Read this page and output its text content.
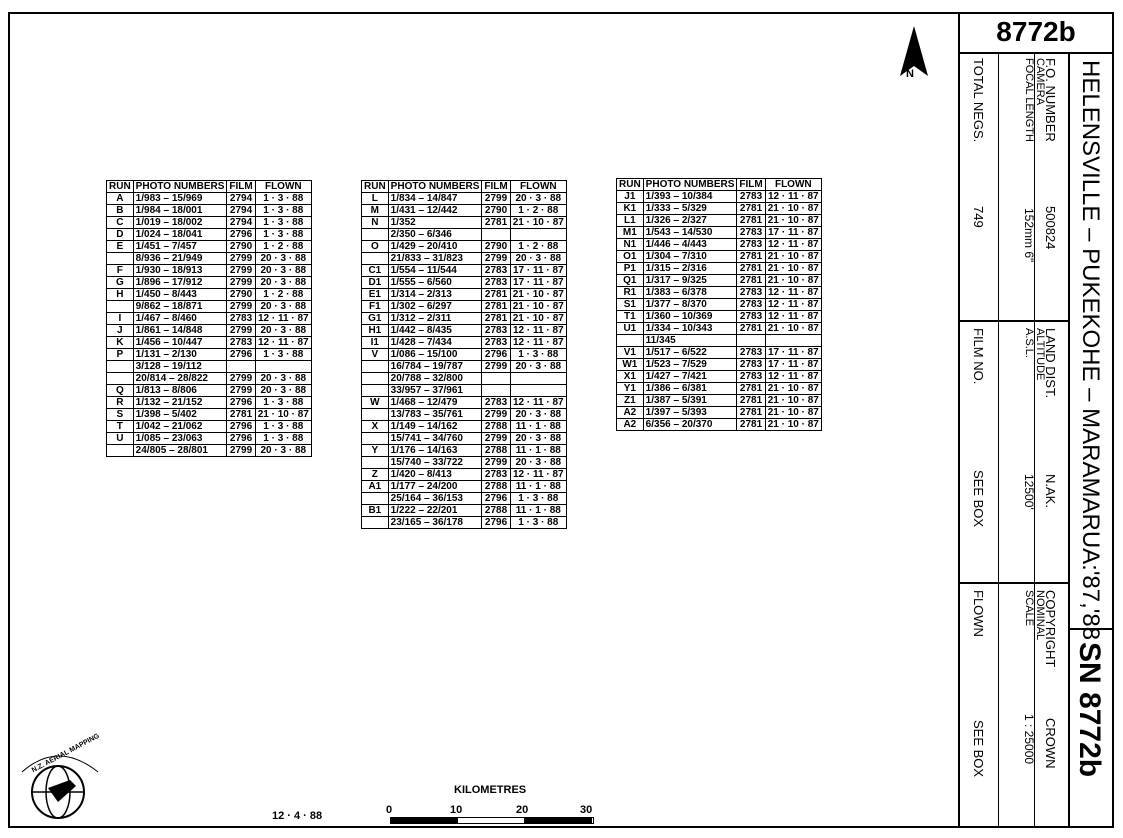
8772b
HELENSVILLE – PUKEKOHE – MARAMARUA:'87,'88
SN 8772b
F.O. NUMBER
500824
CAMERA
FOCAL LENGTH
152mm 6"
TOTAL NEGS.
749
LAND DIST.
N.AK.
ALTITUDE
A.S.L.
12500'
FILM NO.
SEE BOX
COPYRIGHT
CROWN
NOMINAL
SCALE
1 : 25000
FLOWN
SEE BOX
N
RUN	PHOTO NUMBERS	FILM	FLOWN
A	1/983 – 15/969	2794	1 · 3 · 88
B	1/984 – 18/001	2794	1 · 3 · 88
C	1/019 – 18/002	2794	1 · 3 · 88
D	1/024 – 18/041	2796	1 · 3 · 88
E	1/451 – 7/457	2790	1 · 2 · 88
	8/936 – 21/949	2799	20 · 3 · 88
F	1/930 – 18/913	2799	20 · 3 · 88
G	1/896 – 17/912	2799	20 · 3 · 88
H	1/450 – 8/443	2790	1 · 2 · 88
	9/862 – 18/871	2799	20 · 3 · 88
I	1/467 – 8/460	2783	12 · 11 · 87
J	1/861 – 14/848	2799	20 · 3 · 88
K	1/456 – 10/447	2783	12 · 11 · 87
P	1/131 – 2/130	2796	1 · 3 · 88
	3/128 – 19/112		
	20/814 – 28/822	2799	20 · 3 · 88
Q	1/813 – 8/806	2799	20 · 3 · 88
R	1/132 – 21/152	2796	1 · 3 · 88
S	1/398 – 5/402	2781	21 · 10 · 87
T	1/042 – 21/062	2796	1 · 3 · 88
U	1/085 – 23/063	2796	1 · 3 · 88
	24/805 – 28/801	2799	20 · 3 · 88
RUN	PHOTO NUMBERS	FILM	FLOWN
L	1/834 – 14/847	2799	20 · 3 · 88
M	1/431 – 12/442	2790	1 · 2 · 88
N	1/352	2781	21 · 10 · 87
	2/350 – 6/346		
O	1/429 – 20/410	2790	1 · 2 · 88
	21/833 – 31/823	2799	20 · 3 · 88
C1	1/554 – 11/544	2783	17 · 11 · 87
D1	1/555 – 6/560	2783	17 · 11 · 87
E1	1/314 – 2/313	2781	21 · 10 · 87
F1	1/302 – 6/297	2781	21 · 10 · 87
G1	1/312 – 2/311	2781	21 · 10 · 87
H1	1/442 – 8/435	2783	12 · 11 · 87
I1	1/428 – 7/434	2783	12 · 11 · 87
V	1/086 – 15/100	2796	1 · 3 · 88
	16/784 – 19/787	2799	20 · 3 · 88
	20/788 – 32/800		
	33/957 – 37/961		
W	1/468 – 12/479	2783	12 · 11 · 87
	13/783 – 35/761	2799	20 · 3 · 88
X	1/149 – 14/162	2788	11 · 1 · 88
	15/741 – 34/760	2799	20 · 3 · 88
Y	1/176 – 14/163	2788	11 · 1 · 88
	15/740 – 33/722	2799	20 · 3 · 88
Z	1/420 – 8/413	2783	12 · 11 · 87
A1	1/177 – 24/200	2788	11 · 1 · 88
	25/164 – 36/153	2796	1 · 3 · 88
B1	1/222 – 22/201	2788	11 · 1 · 88
	23/165 – 36/178	2796	1 · 3 · 88
RUN	PHOTO NUMBERS	FILM	FLOWN
J1	1/393 – 10/384	2783	12 · 11 · 87
K1	1/333 – 5/329	2781	21 · 10 · 87
L1	1/326 – 2/327	2781	21 · 10 · 87
M1	1/543 – 14/530	2783	17 · 11 · 87
N1	1/446 – 4/443	2783	12 · 11 · 87
O1	1/304 – 7/310	2781	21 · 10 · 87
P1	1/315 – 2/316	2781	21 · 10 · 87
Q1	1/317 – 9/325	2781	21 · 10 · 87
R1	1/383 – 6/378	2783	12 · 11 · 87
S1	1/377 – 8/370	2783	12 · 11 · 87
T1	1/360 – 10/369	2783	12 · 11 · 87
U1	1/334 – 10/343	2781	21 · 10 · 87
	11/345		
V1	1/517 – 6/522	2783	17 · 11 · 87
W1	1/523 – 7/529	2783	17 · 11 · 87
X1	1/427 – 7/421	2783	12 · 11 · 87
Y1	1/386 – 6/381	2781	21 · 10 · 87
Z1	1/387 – 5/391	2781	21 · 10 · 87
A2	1/397 – 5/393	2781	21 · 10 · 87
A2	6/356 – 20/370	2781	21 · 10 · 87
N.Z. AERIAL MAPPING
12 · 4 · 88
KILOMETRES
0	10	20	30
